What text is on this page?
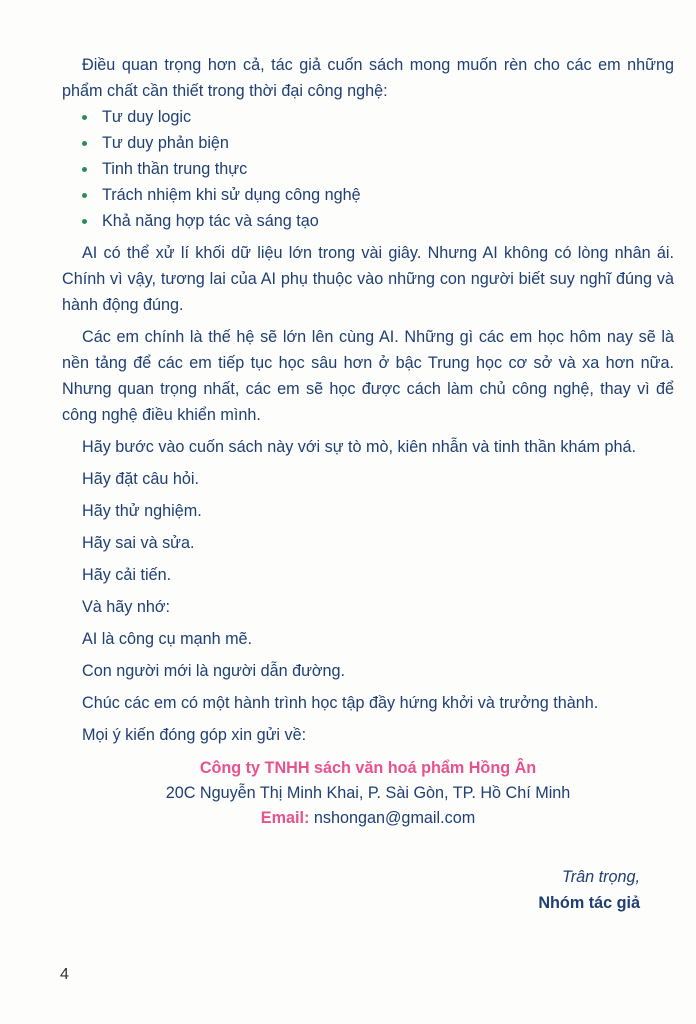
Điều quan trọng hơn cả, tác giả cuốn sách mong muốn rèn cho các em những phẩm chất cần thiết trong thời đại công nghệ:

Tư duy logic
Tư duy phản biện
Tinh thần trung thực
Trách nhiệm khi sử dụng công nghệ
Khả năng hợp tác và sáng tạo

AI có thể xử lí khối dữ liệu lớn trong vài giây. Nhưng AI không có lòng nhân ái. Chính vì vậy, tương lai của AI phụ thuộc vào những con người biết suy nghĩ đúng và hành động đúng.

Các em chính là thế hệ sẽ lớn lên cùng AI. Những gì các em học hôm nay sẽ là nền tảng để các em tiếp tục học sâu hơn ở bậc Trung học cơ sở và xa hơn nữa. Nhưng quan trọng nhất, các em sẽ học được cách làm chủ công nghệ, thay vì để công nghệ điều khiển mình.

Hãy bước vào cuốn sách này với sự tò mò, kiên nhẫn và tinh thần khám phá.
Hãy đặt câu hỏi.
Hãy thử nghiệm.
Hãy sai và sửa.
Hãy cải tiến.
Và hãy nhớ:
AI là công cụ mạnh mẽ.
Con người mới là người dẫn đường.
Chúc các em có một hành trình học tập đầy hứng khởi và trưởng thành.
Mọi ý kiến đóng góp xin gửi về:
Công ty TNHH sách văn hoá phẩm Hồng Ân
20C Nguyễn Thị Minh Khai, P. Sài Gòn, TP. Hồ Chí Minh
Email: nshongan@gmail.com
Trân trọng,
Nhóm tác giả
4
